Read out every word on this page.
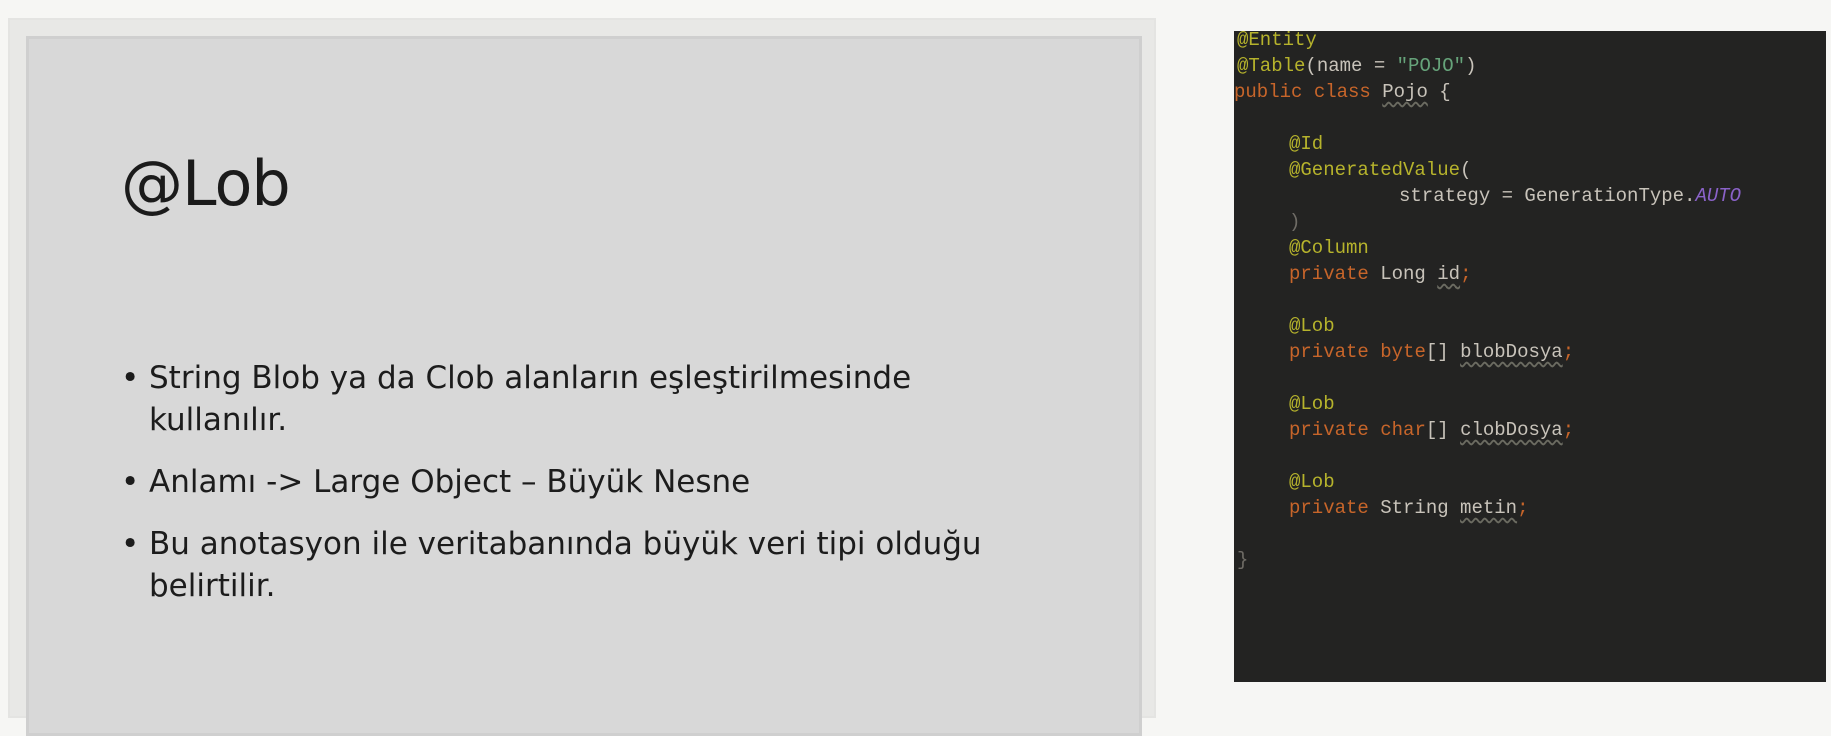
@Lob
• String Blob ya da Clob alanların eşleştirilmesinde kullanılır.
• Anlamı -> Large Object – Büyük Nesne
• Bu anotasyon ile veritabanında büyük veri tipi olduğu belirtilir.
@Entity
@Table(name = "POJO")
public class Pojo {
@Id
@GeneratedValue(
strategy = GenerationType.AUTO
)
@Column
private Long id;
@Lob
private byte[] blobDosya;
@Lob
private char[] clobDosya;
@Lob
private String metin;
}
